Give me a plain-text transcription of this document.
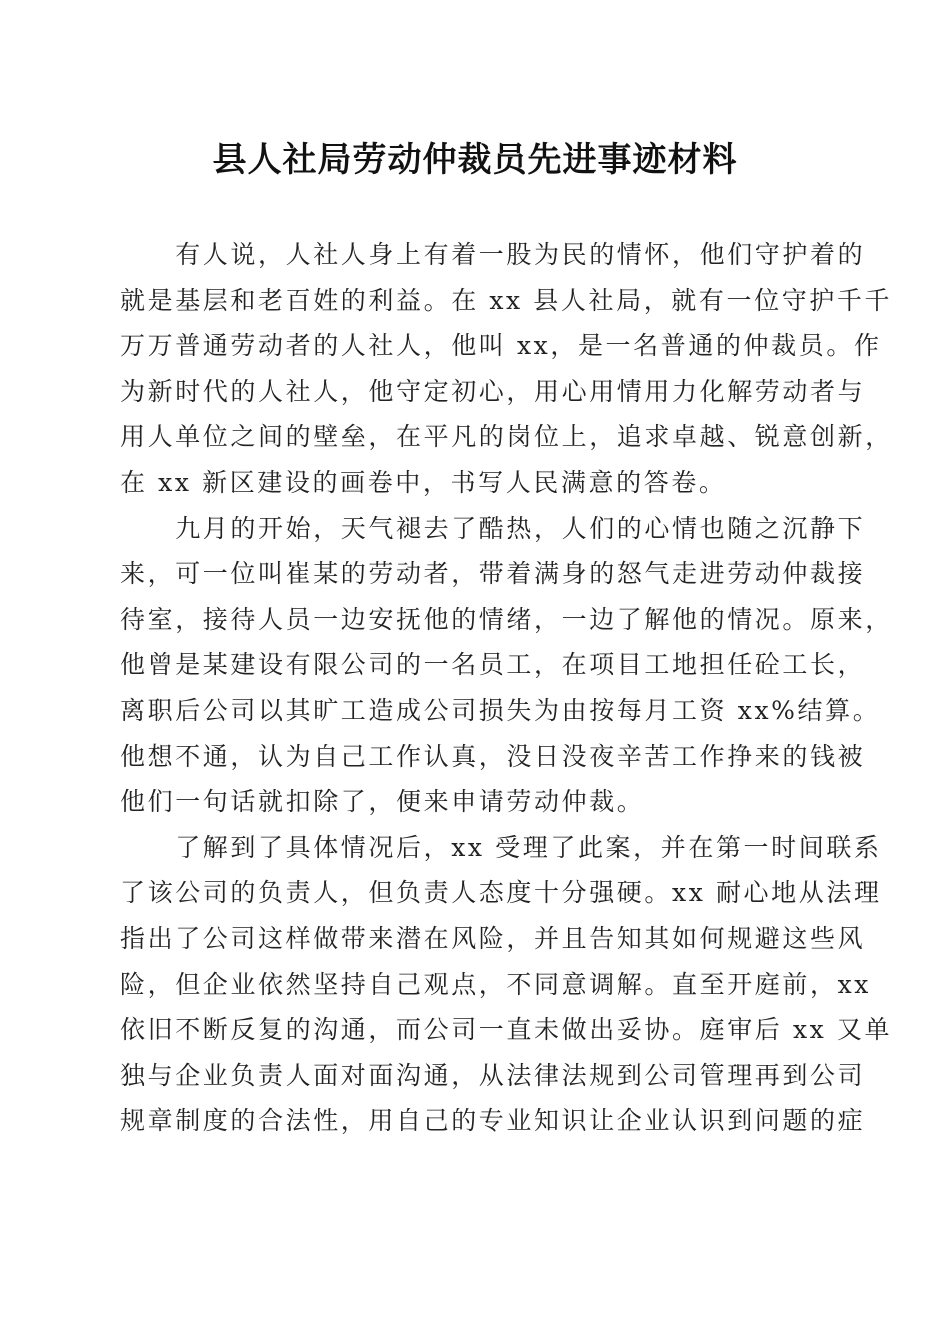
县人社局劳动仲裁员先进事迹材料
　　有人说，人社人身上有着一股为民的情怀，他们守护着的
就是基层和老百姓的利益。在 xx 县人社局，就有一位守护千千
万万普通劳动者的人社人，他叫 xx，是一名普通的仲裁员。作
为新时代的人社人，他守定初心，用心用情用力化解劳动者与
用人单位之间的壁垒，在平凡的岗位上，追求卓越、锐意创新，
在 xx 新区建设的画卷中，书写人民满意的答卷。
　　九月的开始，天气褪去了酷热，人们的心情也随之沉静下
来，可一位叫崔某的劳动者，带着满身的怒气走进劳动仲裁接
待室，接待人员一边安抚他的情绪，一边了解他的情况。原来，
他曾是某建设有限公司的一名员工，在项目工地担任砼工长，
离职后公司以其旷工造成公司损失为由按每月工资 xx%结算。
他想不通，认为自己工作认真，没日没夜辛苦工作挣来的钱被
他们一句话就扣除了，便来申请劳动仲裁。
　　了解到了具体情况后，xx 受理了此案，并在第一时间联系
了该公司的负责人，但负责人态度十分强硬。xx 耐心地从法理
指出了公司这样做带来潜在风险，并且告知其如何规避这些风
险，但企业依然坚持自己观点，不同意调解。直至开庭前，xx
依旧不断反复的沟通，而公司一直未做出妥协。庭审后 xx 又单
独与企业负责人面对面沟通，从法律法规到公司管理再到公司
规章制度的合法性，用自己的专业知识让企业认识到问题的症
